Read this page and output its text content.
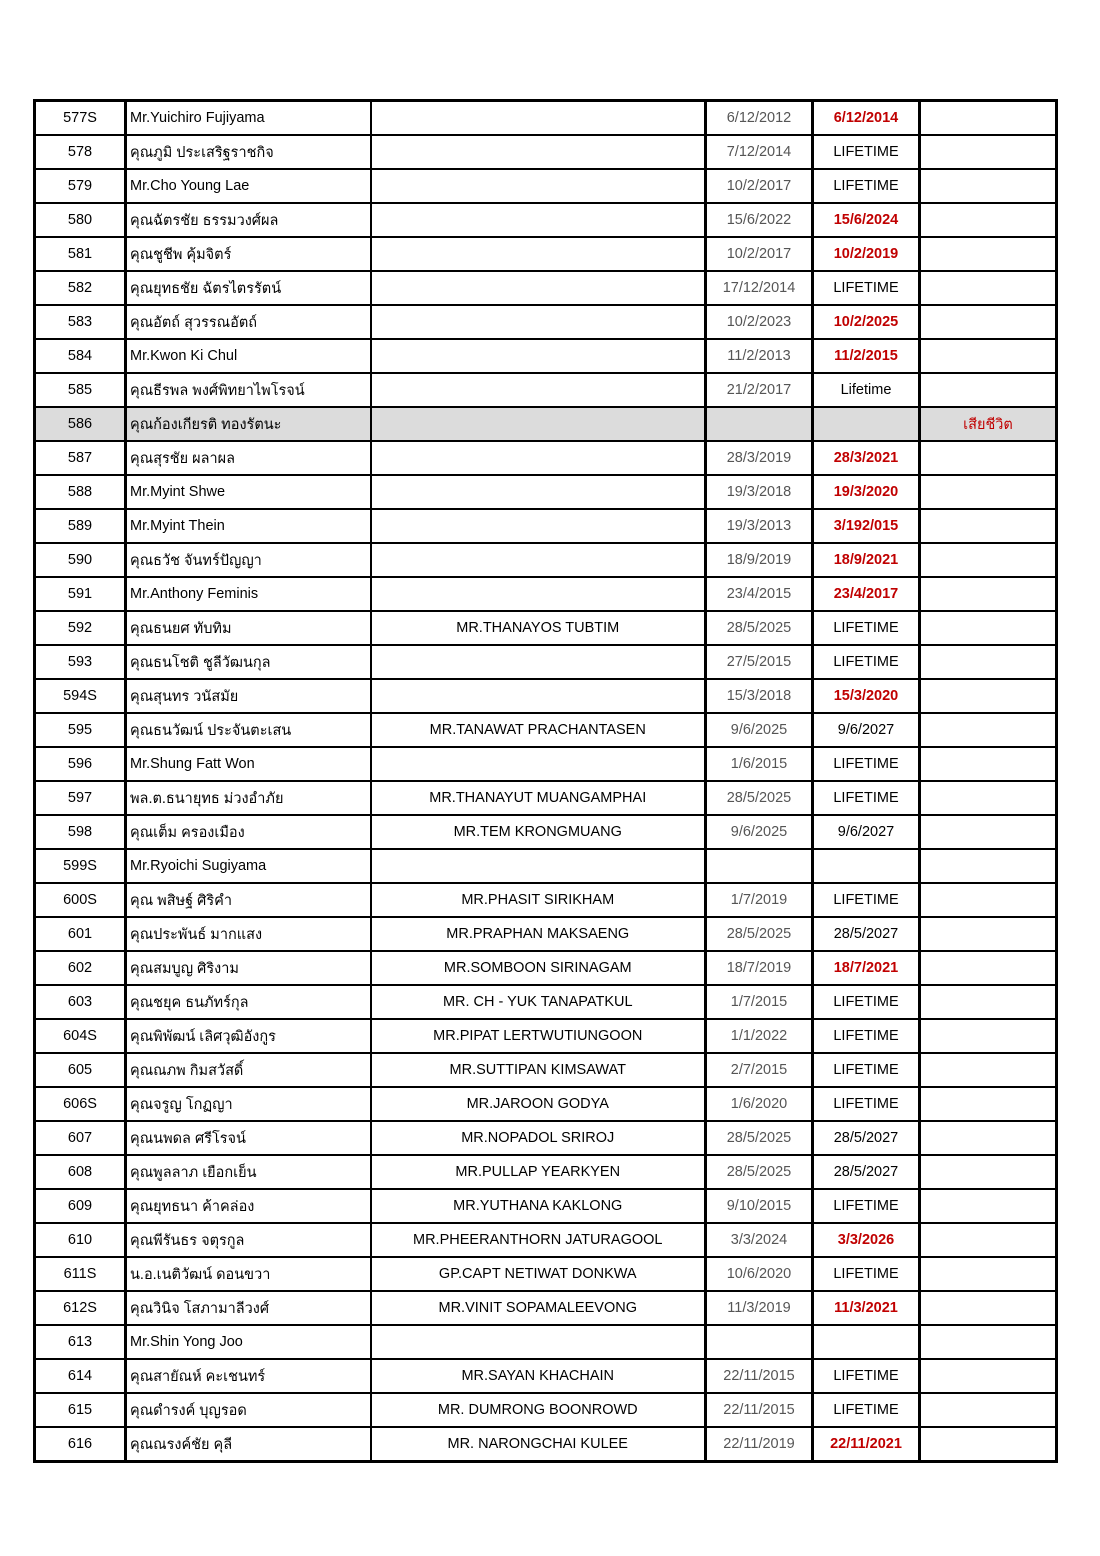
577S	Mr.Yuichiro Fujiyama		6/12/2012	6/12/2014	
578	คุณภูมิ ประเสริฐราชกิจ		7/12/2014	LIFETIME	
579	Mr.Cho Young Lae		10/2/2017	LIFETIME	
580	คุณฉัตรชัย ธรรมวงศ์ผล		15/6/2022	15/6/2024	
581	คุณชูชีพ คุ้มจิตร์		10/2/2017	10/2/2019	
582	คุณยุทธชัย ฉัตรไตรรัตน์		17/12/2014	LIFETIME	
583	คุณอัตถ์ สุวรรณอัตถ์		10/2/2023	10/2/2025	
584	Mr.Kwon Ki Chul		11/2/2013	11/2/2015	
585	คุณธีรพล พงศ์พิทยาไพโรจน์		21/2/2017	Lifetime	
586	คุณก้องเกียรติ ทองรัตนะ				เสียชีวิต
587	คุณสุรชัย ผลาผล		28/3/2019	28/3/2021	
588	Mr.Myint Shwe		19/3/2018	19/3/2020	
589	Mr.Myint Thein		19/3/2013	3/192/015	
590	คุณธวัช จันทร์ปัญญา		18/9/2019	18/9/2021	
591	Mr.Anthony Feminis		23/4/2015	23/4/2017	
592	คุณธนยศ ทับทิม	MR.THANAYOS TUBTIM	28/5/2025	LIFETIME	
593	คุณธนโชติ ชูลีวัฒนกุล		27/5/2015	LIFETIME	
594S	คุณสุนทร วนัสมัย		15/3/2018	15/3/2020	
595	คุณธนวัฒน์ ประจันตะเสน	MR.TANAWAT PRACHANTASEN	9/6/2025	9/6/2027	
596	Mr.Shung Fatt Won		1/6/2015	LIFETIME	
597	พล.ต.ธนายุทธ ม่วงอำภัย	MR.THANAYUT MUANGAMPHAI	28/5/2025	LIFETIME	
598	คุณเต็ม ครองเมือง	MR.TEM KRONGMUANG	9/6/2025	9/6/2027	
599S	Mr.Ryoichi Sugiyama				
600S	คุณ พสิษฐ์ ศิริคำ	MR.PHASIT SIRIKHAM	1/7/2019	LIFETIME	
601	คุณประพันธ์ มากแสง	MR.PRAPHAN MAKSAENG	28/5/2025	28/5/2027	
602	คุณสมบูญ ศิริงาม	MR.SOMBOON SIRINAGAM	18/7/2019	18/7/2021	
603	คุณชยุค ธนภัทร์กุล	MR. CH - YUK TANAPATKUL	1/7/2015	LIFETIME	
604S	คุณพิพัฒน์ เลิศวุฒิอังกูร	MR.PIPAT LERTWUTIUNGOON	1/1/2022	LIFETIME	
605	คุณณภพ กิมสวัสดิ์	MR.SUTTIPAN KIMSAWAT	2/7/2015	LIFETIME	
606S	คุณจรูญ โกฏญา	MR.JAROON GODYA	1/6/2020	LIFETIME	
607	คุณนพดล ศรีโรจน์	MR.NOPADOL SRIROJ	28/5/2025	28/5/2027	
608	คุณพูลลาภ เยือกเย็น	MR.PULLAP YEARKYEN	28/5/2025	28/5/2027	
609	คุณยุทธนา ค้าคล่อง	MR.YUTHANA KAKLONG	9/10/2015	LIFETIME	
610	คุณพีรันธร จตุรกูล	MR.PHEERANTHORN JATURAGOOL	3/3/2024	3/3/2026	
611S	น.อ.เนติวัฒน์ ดอนขวา	GP.CAPT NETIWAT DONKWA	10/6/2020	LIFETIME	
612S	คุณวินิจ โสภามาลีวงศ์	MR.VINIT SOPAMALEEVONG	11/3/2019	11/3/2021	
613	Mr.Shin Yong Joo				
614	คุณสายัณห์ คะเชนทร์	MR.SAYAN KHACHAIN	22/11/2015	LIFETIME	
615	คุณดำรงค์ บุญรอด	MR. DUMRONG BOONROWD	22/11/2015	LIFETIME	
616	คุณณรงค์ชัย คุลี	MR. NARONGCHAI KULEE	22/11/2019	22/11/2021	
